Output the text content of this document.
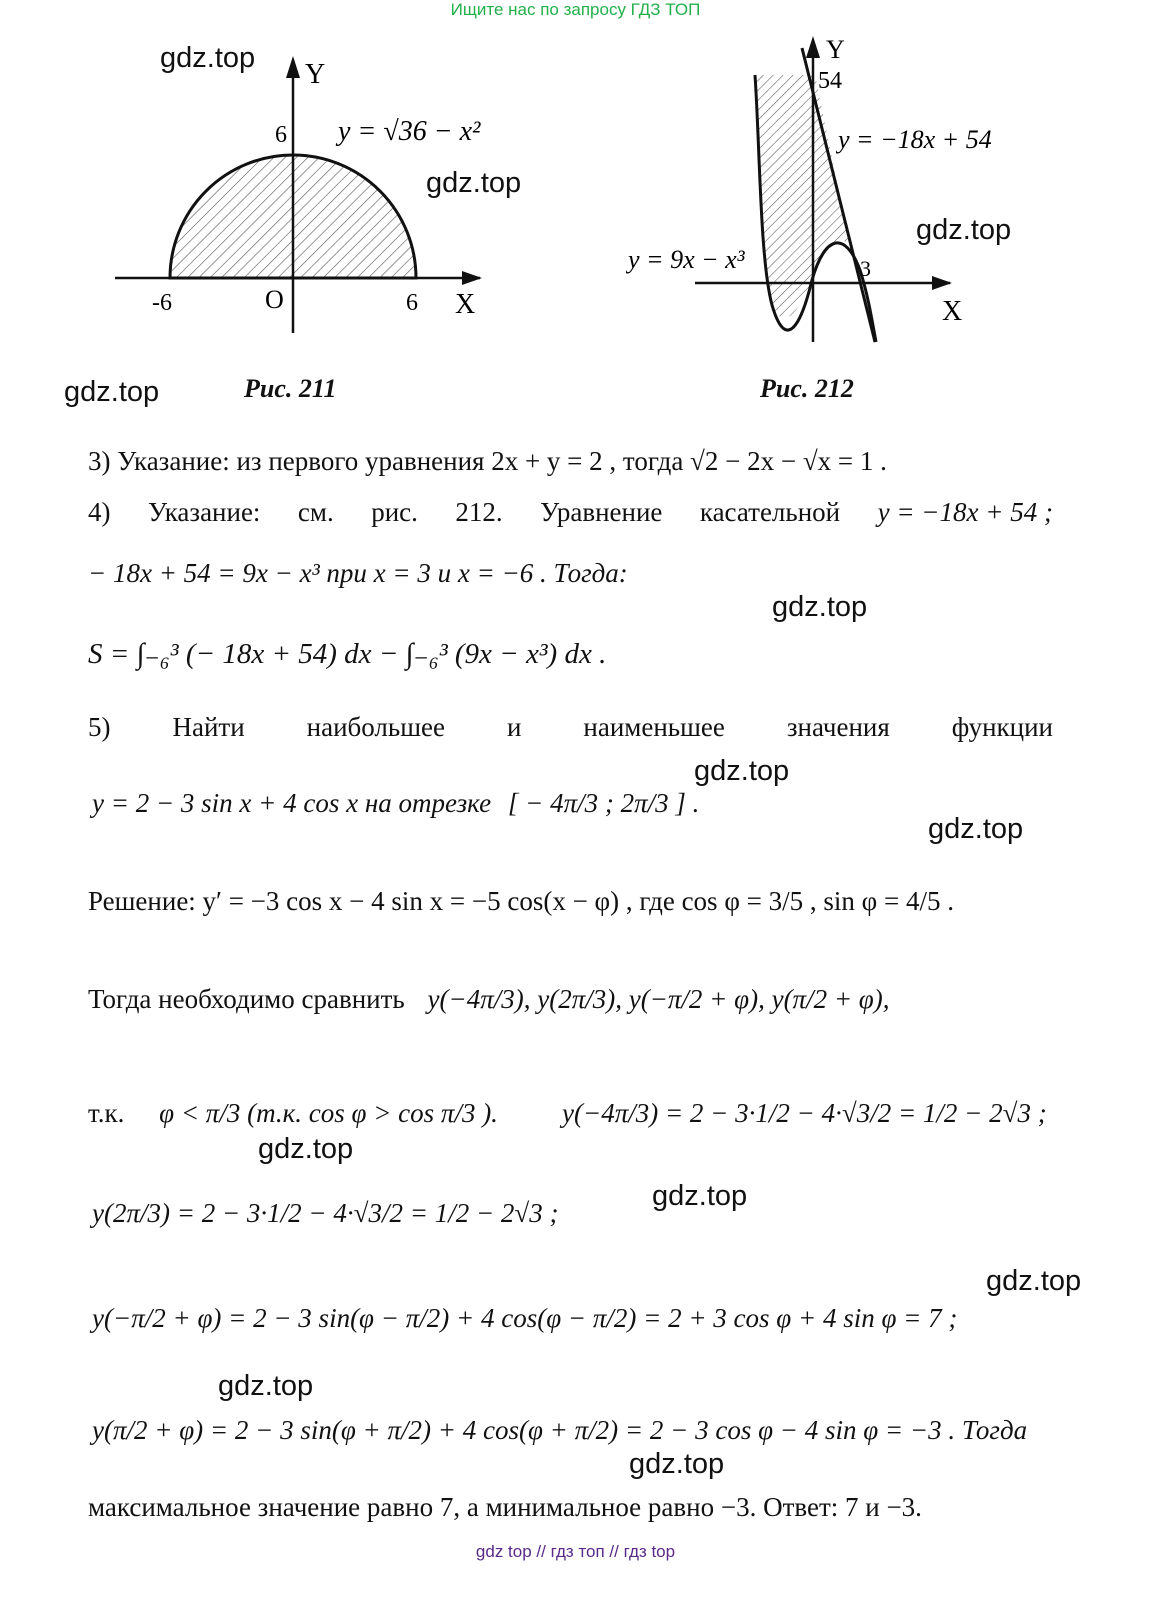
Ищите нас по запросу ГДЗ ТОП
gdz.top
gdz.top
gdz.top
gdz.top
gdz.top
gdz.top
gdz.top
gdz.top
gdz.top
gdz.top
gdz.top
gdz.top
Y
X
O
6
-6	6
y = √36 − x²
Рис. 211
Y
X
54
3
y = −18x + 54
y = 9x − x³
Рис. 212
3) Указание: из первого уравнения 2x + y = 2 , тогда √2 − 2x − √x = 1 .
4) Указание: см. рис. 212. Уравнение касательной y = −18x + 54 ;
− 18x + 54 = 9x − x³ при x = 3 и x = −6 . Тогда:
S = ∫₋₆³ (− 18x + 54) dx − ∫₋₆³ (9x − x³) dx .
5) Найти наибольшее и наименьшее значения функции
y = 2 − 3 sin x + 4 cos x на отрезке [ − 4π/3 ; 2π/3 ] .
Решение: y′ = −3 cos x − 4 sin x = −5 cos(x − φ) , где cos φ = 3/5 , sin φ = 4/5 .
Тогда необходимо сравнить y(−4π/3), y(2π/3), y(−π/2 + φ), y(π/2 + φ),
т.к. φ < π/3 (т.к. cos φ > cos π/3 ). y(−4π/3) = 2 − 3·1/2 − 4·√3/2 = 1/2 − 2√3 ;
y(2π/3) = 2 − 3·1/2 − 4·√3/2 = 1/2 − 2√3 ;
y(−π/2 + φ) = 2 − 3 sin(φ − π/2) + 4 cos(φ − π/2) = 2 + 3 cos φ + 4 sin φ = 7 ;
y(π/2 + φ) = 2 − 3 sin(φ + π/2) + 4 cos(φ + π/2) = 2 − 3 cos φ − 4 sin φ = −3 . Тогда
максимальное значение равно 7, а минимальное равно −3. Ответ: 7 и −3.
gdz top // гдз топ // гдз top
